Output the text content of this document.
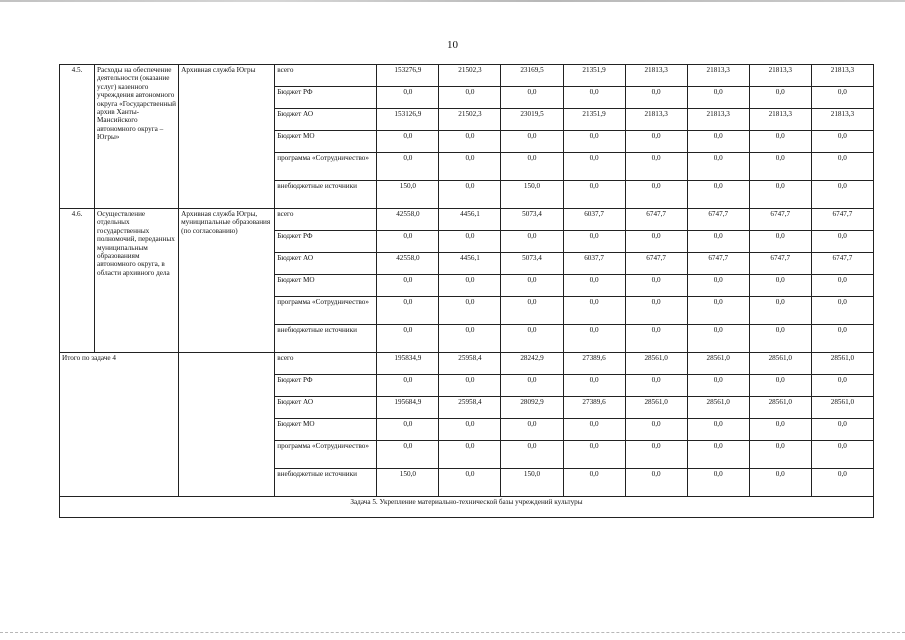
10
4.5.	Расходы на обеспечение деятельности (оказание услуг) казенного учреждения автономного округа «Государственный архив Ханты-Мансийского автономного округа – Югры»	Архивная служба Югры	всего	153276,9	21502,3	23169,5	21351,9	21813,3	21813,3	21813,3	21813,3
			Бюджет РФ	0,0	0,0	0,0	0,0	0,0	0,0	0,0	0,0
			Бюджет АО	153126,9	21502,3	23019,5	21351,9	21813,3	21813,3	21813,3	21813,3
			Бюджет МО	0,0	0,0	0,0	0,0	0,0	0,0	0,0	0,0
			программа «Сотрудничество»	0,0	0,0	0,0	0,0	0,0	0,0	0,0	0,0
			внебюджетные источники	150,0	0,0	150,0	0,0	0,0	0,0	0,0	0,0
4.6.	Осуществление отдельных государственных полномочий, переданных муниципальным образованиям автономного округа, в области архивного дела	Архивная служба Югры, муниципальные образования (по согласованию)	всего	42558,0	4456,1	5073,4	6037,7	6747,7	6747,7	6747,7	6747,7
			Бюджет РФ	0,0	0,0	0,0	0,0	0,0	0,0	0,0	0,0
			Бюджет АО	42558,0	4456,1	5073,4	6037,7	6747,7	6747,7	6747,7	6747,7
			Бюджет МО	0,0	0,0	0,0	0,0	0,0	0,0	0,0	0,0
			программа «Сотрудничество»	0,0	0,0	0,0	0,0	0,0	0,0	0,0	0,0
			внебюджетные источники	0,0	0,0	0,0	0,0	0,0	0,0	0,0	0,0
Итого по задаче 4			всего	195834,9	25958,4	28242,9	27389,6	28561,0	28561,0	28561,0	28561,0
			Бюджет РФ	0,0	0,0	0,0	0,0	0,0	0,0	0,0	0,0
			Бюджет АО	195684,9	25958,4	28092,9	27389,6	28561,0	28561,0	28561,0	28561,0
			Бюджет МО	0,0	0,0	0,0	0,0	0,0	0,0	0,0	0,0
			программа «Сотрудничество»	0,0	0,0	0,0	0,0	0,0	0,0	0,0	0,0
			внебюджетные источники	150,0	0,0	150,0	0,0	0,0	0,0	0,0	0,0
Задача 5. Укрепление материально-технической базы учреждений культуры											
